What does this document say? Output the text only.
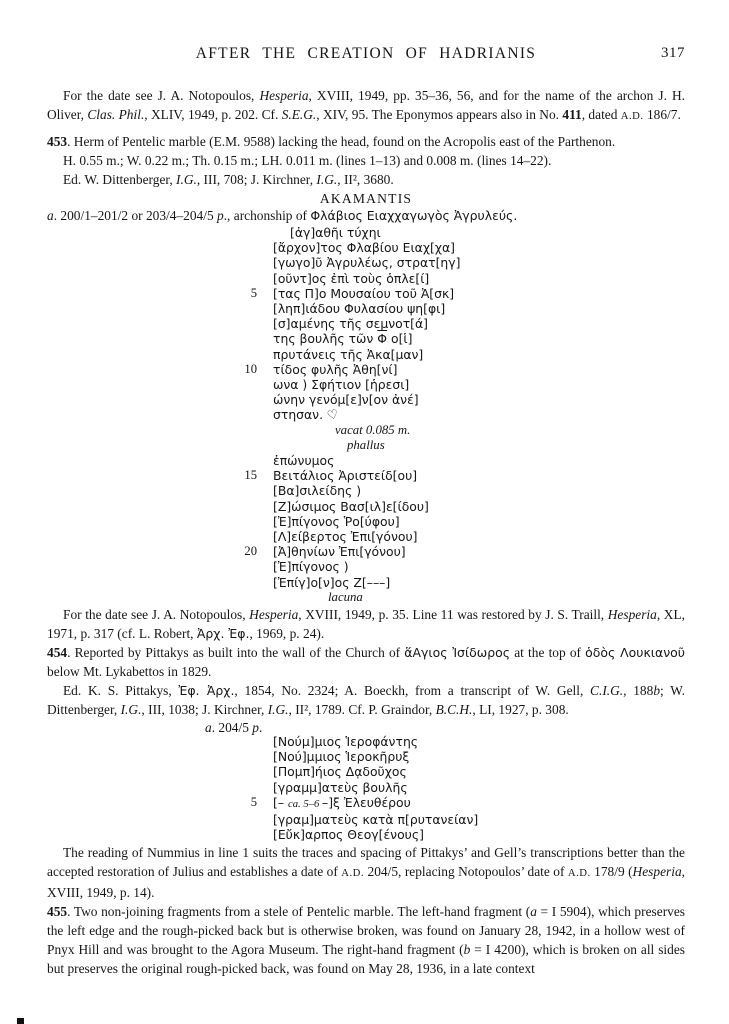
AFTER THE CREATION OF HADRIANIS	317

For the date see J. A. Notopoulos, Hesperia, XVIII, 1949, pp. 35–36, 56, and for the name of the archon J. H. Oliver, Clas. Phil., XLIV, 1949, p. 202. Cf. S.E.G., XIV, 95. The Eponymos appears also in No. 411, dated A.D. 186/7.

453. Herm of Pentelic marble (E.M. 9588) lacking the head, found on the Acropolis east of the Parthenon.

H. 0.55 m.; W. 0.22 m.; Th. 0.15 m.; LH. 0.011 m. (lines 1–13) and 0.008 m. (lines 14–22).
Ed. W. Dittenberger, I.G., III, 708; J. Kirchner, I.G., II², 3680.
AKAMANTIS
a. 200/1–201/2 or 203/4–204/5 p., archonship of Φλάβιος Ειαχχαγωγὸς Ἀγρυλεύς.
[ἀγ]αθῆι τύχηι
[ἄρχον]τος Φλαβίου Ειαχ[χα]
[γωγο]ῦ Ἀγρυλέως, στρατ[ηγ]
[οῦντ]ος ἐπὶ τοὺς ὁπλε[ί]
5 [τας Π]ο Μουσαίου τοῦ Ἀ[σκ]
[ληπ]ιάδου Φυλασίου ψη[φι]
[σ]αμένης τῆς σεμνοτ[ά]
της βουλῆς τῶν $\overline{\Phi}$ ο[ἱ]
πρυτάνεις τῆς Ἀκα[μαν]
10 τίδος φυλῆς Ἀθη[νί]
ωνα ) Σφήτιον [ἡρεσι]
ώνην γενόμ[ε]ν[ον ἀνέ]
στησαν. ♡
vacat 0.085 m.
phallus
ἐπώνυμος
15 Βειτάλιος Ἀριστείδ[ου]
[Βα]σιλείδης )
[Ζ]ώσιμος Βασ[ιλ]ε[ίδου]
[Ἐ]πίγονος Ῥο[ύφου]
[Λ]είβερτος Ἐπι[γόνου]
20 [Ἀ]θηνίων Ἐπι[γόνου]
[Ἐ]πίγονος )
[Ἐπίγ]ο[ν]ος Ζ[–––]
lacuna

For the date see J. A. Notopoulos, Hesperia, XVIII, 1949, p. 35. Line 11 was restored by J. S. Traill, Hesperia, XL, 1971, p. 317 (cf. L. Robert, Ἀρχ. Ἐφ., 1969, p. 24).

454. Reported by Pittakys as built into the wall of the Church of ἅΑγιος Ἰσίδωρος at the top of ὁδὸς Λουκιανοῦ below Mt. Lykabettos in 1829.

Ed. K. S. Pittakys, Ἐφ. Ἀρχ., 1854, No. 2324; A. Boeckh, from a transcript of W. Gell, C.I.G., 188b; W. Dittenberger, I.G., III, 1038; J. Kirchner, I.G., II², 1789. Cf. P. Graindor, B.C.H., LI, 1927, p. 308.

a. 204/5 p.
[Νούμ]μιος Ἱεροφάντης
[Νού]μμιος Ἱεροκῆρυξ
[Πομπ]ήιος Δᾳδοῦχος
[γραμμ]ατεὺς βουλῆς
5 [– ca. 5–6 –]ξ Ἐλευθέρου
[γραμ]ματεὺς κατὰ π[ρυτανείαν]
[Εὔκ]αρπος Θεογ[ένους]

The reading of Nummius in line 1 suits the traces and spacing of Pittakys’ and Gell’s transcriptions better than the accepted restoration of Julius and establishes a date of A.D. 204/5, replacing Notopoulos’ date of A.D. 178/9 (Hesperia, XVIII, 1949, p. 14).

455. Two non-joining fragments from a stele of Pentelic marble. The left-hand fragment (a = I 5904), which preserves the left edge and the rough-picked back but is otherwise broken, was found on January 28, 1942, in a hollow west of Pnyx Hill and was brought to the Agora Museum. The right-hand fragment (b = I 4200), which is broken on all sides but preserves the original rough-picked back, was found on May 28, 1936, in a late context
